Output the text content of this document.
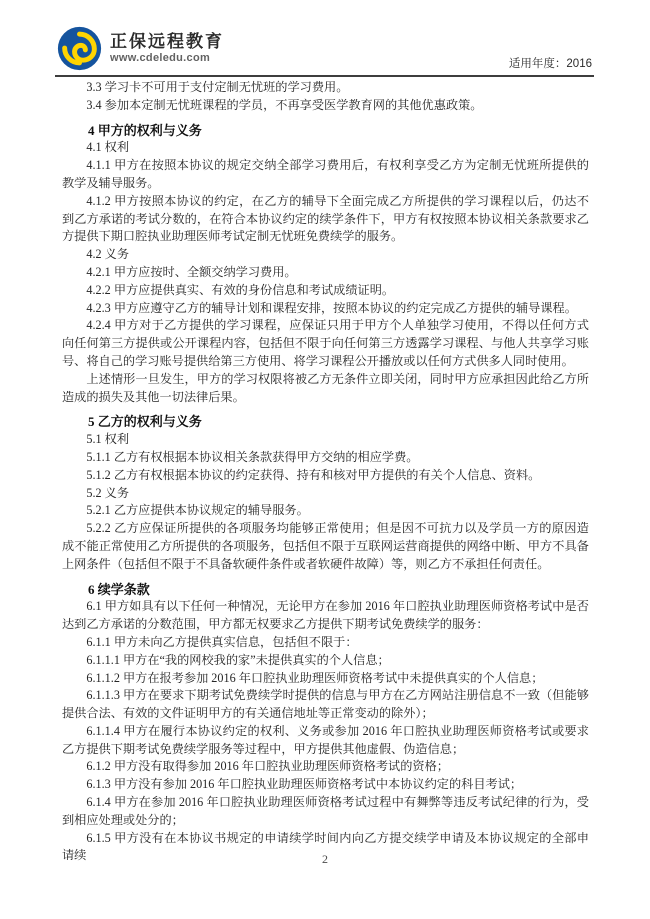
正保远程教育
www.cdeledu.com	适用年度：2016

3.3 学习卡不可用于支付定制无忧班的学习费用。

3.4 参加本定制无忧班课程的学员，不再享受医学教育网的其他优惠政策。

4 甲方的权利与义务

4.1 权利

4.1.1 甲方在按照本协议的规定交纳全部学习费用后，有权利享受乙方为定制无忧班所提供的教学及辅导服务。

4.1.2 甲方按照本协议的约定，在乙方的辅导下全面完成乙方所提供的学习课程以后，仍达不到乙方承诺的考试分数的，在符合本协议约定的续学条件下，甲方有权按照本协议相关条款要求乙方提供下期口腔执业助理医师考试定制无忧班免费续学的服务。

4.2 义务

4.2.1 甲方应按时、全额交纳学习费用。

4.2.2 甲方应提供真实、有效的身份信息和考试成绩证明。

4.2.3 甲方应遵守乙方的辅导计划和课程安排，按照本协议的约定完成乙方提供的辅导课程。

4.2.4 甲方对于乙方提供的学习课程，应保证只用于甲方个人单独学习使用，不得以任何方式向任何第三方提供或公开课程内容，包括但不限于向任何第三方透露学习课程、与他人共享学习账号、将自己的学习账号提供给第三方使用、将学习课程公开播放或以任何方式供多人同时使用。

上述情形一旦发生，甲方的学习权限将被乙方无条件立即关闭，同时甲方应承担因此给乙方所造成的损失及其他一切法律后果。

5 乙方的权利与义务

5.1 权利

5.1.1 乙方有权根据本协议相关条款获得甲方交纳的相应学费。

5.1.2 乙方有权根据本协议的约定获得、持有和核对甲方提供的有关个人信息、资料。

5.2 义务

5.2.1 乙方应提供本协议规定的辅导服务。

5.2.2 乙方应保证所提供的各项服务均能够正常使用；但是因不可抗力以及学员一方的原因造成不能正常使用乙方所提供的各项服务，包括但不限于互联网运营商提供的网络中断、甲方不具备上网条件（包括但不限于不具备软硬件条件或者软硬件故障）等，则乙方不承担任何责任。

6 续学条款

6.1 甲方如具有以下任何一种情况，无论甲方在参加 2016 年口腔执业助理医师资格考试中是否达到乙方承诺的分数范围，甲方都无权要求乙方提供下期考试免费续学的服务：

6.1.1 甲方未向乙方提供真实信息，包括但不限于：

6.1.1.1 甲方在“我的网校我的家”未提供真实的个人信息；

6.1.1.2 甲方在报考参加 2016 年口腔执业助理医师资格考试中未提供真实的个人信息；

6.1.1.3 甲方在要求下期考试免费续学时提供的信息与甲方在乙方网站注册信息不一致（但能够提供合法、有效的文件证明甲方的有关通信地址等正常变动的除外）；

6.1.1.4 甲方在履行本协议约定的权利、义务或参加 2016 年口腔执业助理医师资格考试或要求乙方提供下期考试免费续学服务等过程中，甲方提供其他虚假、伪造信息；

6.1.2 甲方没有取得参加 2016 年口腔执业助理医师资格考试的资格；

6.1.3 甲方没有参加 2016 年口腔执业助理医师资格考试中本协议约定的科目考试；

6.1.4 甲方在参加 2016 年口腔执业助理医师资格考试过程中有舞弊等违反考试纪律的行为，受到相应处理或处分的；

6.1.5 甲方没有在本协议书规定的申请续学时间内向乙方提交续学申请及本协议规定的全部申请续	2
